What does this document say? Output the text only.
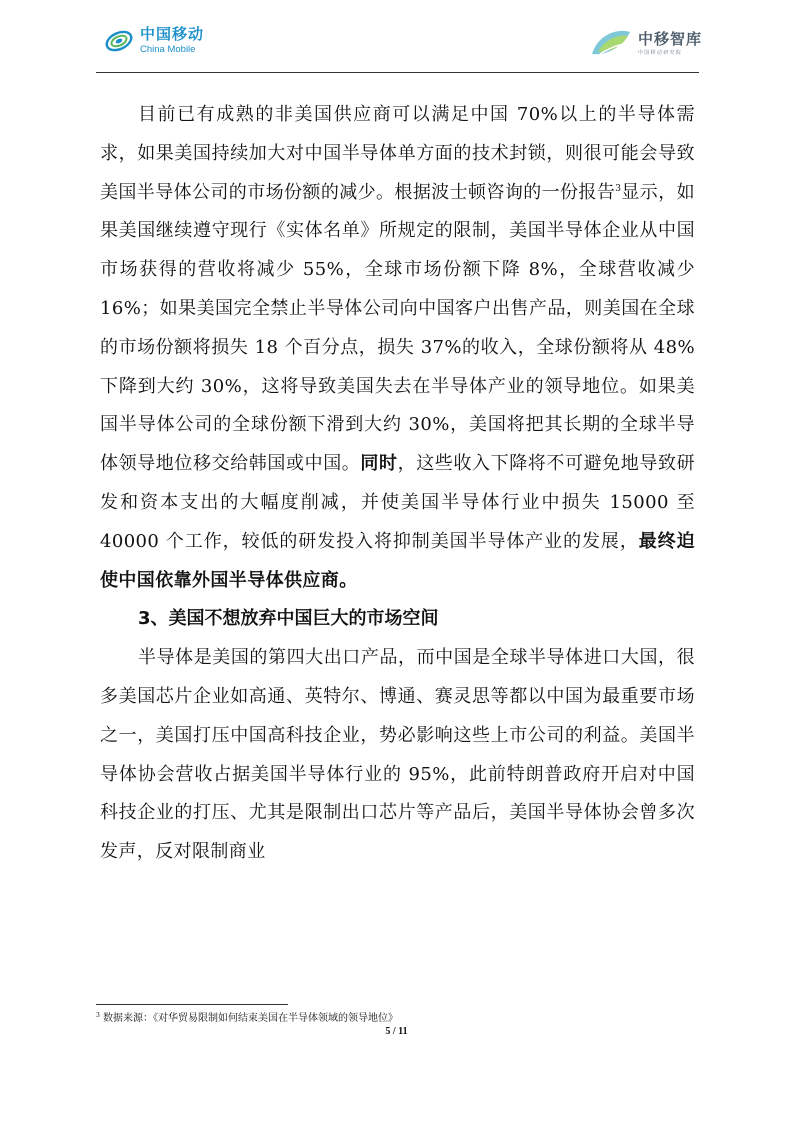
中国移动
China Mobile
中移智库
中国移动研究院

目前已有成熟的非美国供应商可以满足中国 70%以上的半导体需求，如果美国持续加大对中国半导体单方面的技术封锁，则很可能会导致美国半导体公司的市场份额的减少。根据波士顿咨询的一份报告$^3$显示，如果美国继续遵守现行《实体名单》所规定的限制，美国半导体企业从中国市场获得的营收将减少 55%，全球市场份额下降 8%，全球营收减少 16%；如果美国完全禁止半导体公司向中国客户出售产品，则美国在全球的市场份额将损失 18 个百分点，损失 37%的收入，全球份额将从 48%下降到大约 30%，这将导致美国失去在半导体产业的领导地位。如果美国半导体公司的全球份额下滑到大约 30%，美国将把其长期的全球半导体领导地位移交给韩国或中国。同时，这些收入下降将不可避免地导致研发和资本支出的大幅度削减，并使美国半导体行业中损失 15000 至 40000 个工作，较低的研发投入将抑制美国半导体产业的发展，最终迫使中国依靠外国半导体供应商。

3、美国不想放弃中国巨大的市场空间

半导体是美国的第四大出口产品，而中国是全球半导体进口大国，很多美国芯片企业如高通、英特尔、博通、赛灵思等都以中国为最重要市场之一，美国打压中国高科技企业，势必影响这些上市公司的利益。美国半导体协会营收占据美国半导体行业的 95%，此前特朗普政府开启对中国科技企业的打压、尤其是限制出口芯片等产品后，美国半导体协会曾多次发声，反对限制商业

$^3$ 数据来源：《对华贸易限制如何结束美国在半导体领域的领导地位》
5 / 11
